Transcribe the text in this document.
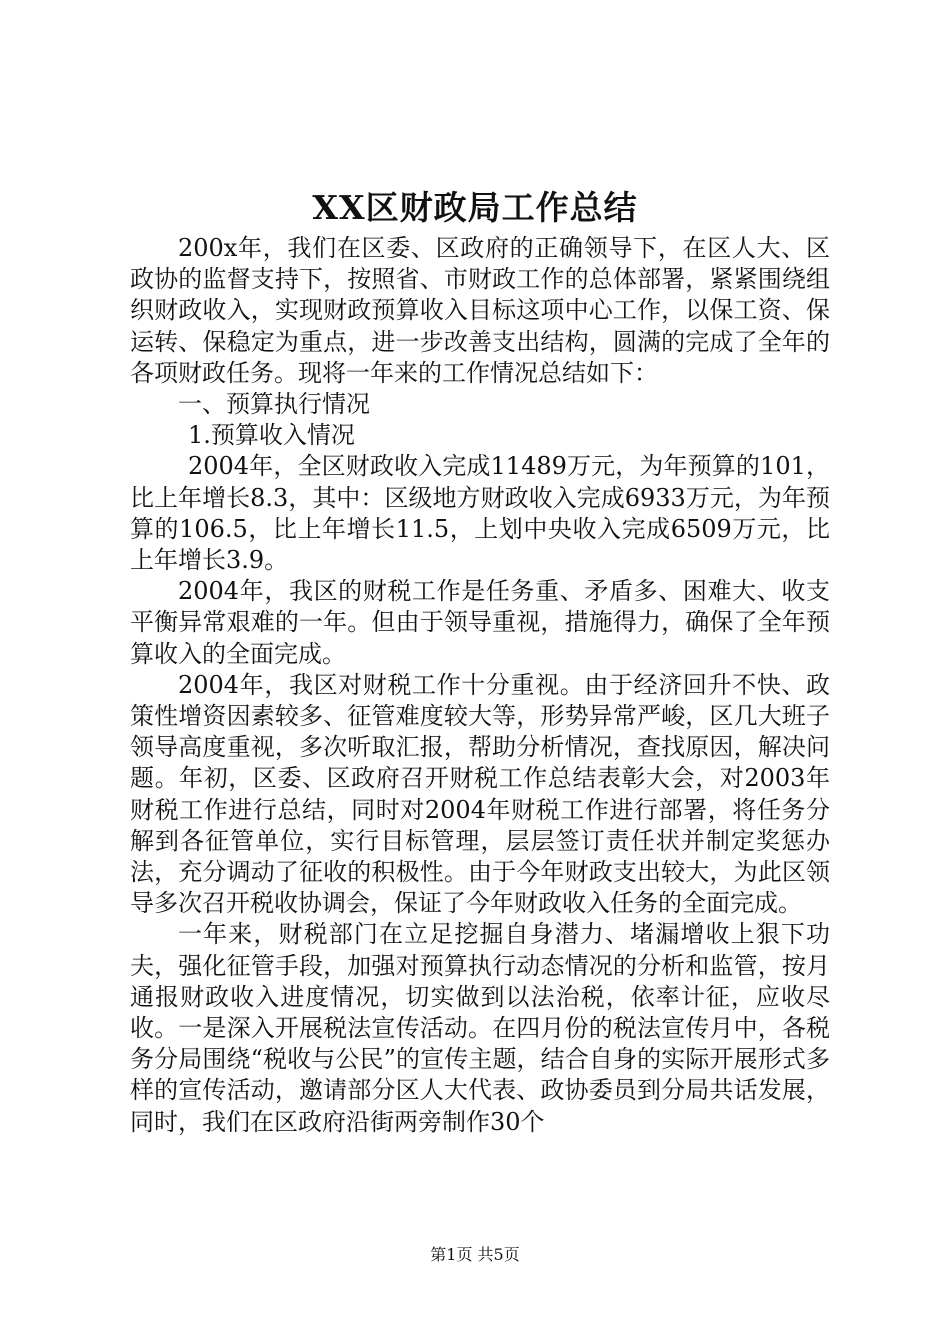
XX区财政局工作总结

200x年，我们在区委、区政府的正确领导下，在区人大、区政协的监督支持下，按照省、市财政工作的总体部署，紧紧围绕组织财政收入，实现财政预算收入目标这项中心工作，以保工资、保运转、保稳定为重点，进一步改善支出结构，圆满的完成了全年的各项财政任务。现将一年来的工作情况总结如下：

一、预算执行情况

1.预算收入情况

2004年，全区财政收入完成11489万元，为年预算的101，比上年增长8.3，其中：区级地方财政收入完成6933万元，为年预算的106.5，比上年增长11.5，上划中央收入完成6509万元，比上年增长3.9。

2004年，我区的财税工作是任务重、矛盾多、困难大、收支平衡异常艰难的一年。但由于领导重视，措施得力，确保了全年预算收入的全面完成。

2004年，我区对财税工作十分重视。由于经济回升不快、政策性增资因素较多、征管难度较大等，形势异常严峻，区几大班子领导高度重视，多次听取汇报，帮助分析情况，查找原因，解决问题。年初，区委、区政府召开财税工作总结表彰大会，对2003年财税工作进行总结，同时对2004年财税工作进行部署，将任务分解到各征管单位，实行目标管理，层层签订责任状并制定奖惩办法，充分调动了征收的积极性。由于今年财政支出较大，为此区领导多次召开税收协调会，保证了今年财政收入任务的全面完成。

一年来，财税部门在立足挖掘自身潜力、堵漏增收上狠下功夫，强化征管手段，加强对预算执行动态情况的分析和监管，按月通报财政收入进度情况，切实做到以法治税，依率计征，应收尽收。一是深入开展税法宣传活动。在四月份的税法宣传月中，各税务分局围绕“税收与公民”的宣传主题，结合自身的实际开展形式多样的宣传活动，邀请部分区人大代表、政协委员到分局共话发展，同时，我们在区政府沿街两旁制作30个

第1页 共5页
